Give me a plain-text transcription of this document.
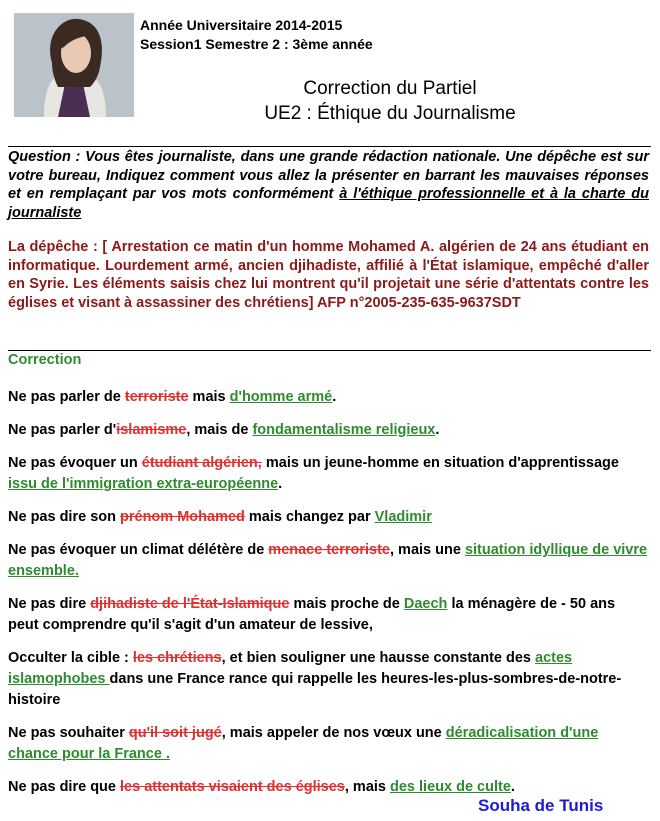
Année Universitaire 2014-2015
Session1 Semestre 2 : 3ème année
Correction du Partiel
UE2 : Éthique du Journalisme
Question : Vous êtes journaliste, dans une grande rédaction nationale. Une dépêche est sur votre bureau, Indiquez comment vous allez la présenter en barrant les mauvaises réponses et en remplaçant par vos mots conformément à l'éthique professionnelle et à la charte du journaliste
La dépêche : [ Arrestation ce matin d'un homme Mohamed A. algérien de 24 ans étudiant en informatique. Lourdement armé, ancien djihadiste, affilié à l'État islamique, empêché d'aller en Syrie. Les éléments saisis chez lui montrent qu'il projetait une série d'attentats contre les églises et visant à assassiner des chrétiens] AFP n°2005-235-635-9637SDT
Correction
Ne pas parler de terroriste mais d'homme armé.
Ne pas parler d'islamisme, mais de fondamentalisme religieux.
Ne pas évoquer un étudiant algérien, mais un jeune-homme en situation d'apprentissage issu de l'immigration extra-européenne.
Ne pas dire son prénom Mohamed mais changez par Vladimir
Ne pas évoquer un climat délétère de menace terroriste, mais une situation idyllique de vivre ensemble.
Ne pas dire djihadiste de l'État-Islamique mais proche de Daech la ménagère de - 50 ans peut comprendre qu'il s'agit d'un amateur de lessive,
Occulter la cible : les chrétiens, et bien souligner une hausse constante des actes islamophobes dans une France rance qui rappelle les heures-les-plus-sombres-de-notre-histoire
Ne pas souhaiter qu'il soit jugé, mais appeler de nos vœux une déradicalisation d'une chance pour la France .
Ne pas dire que les attentats visaient des églises, mais des lieux de culte.
Souha de Tunis
